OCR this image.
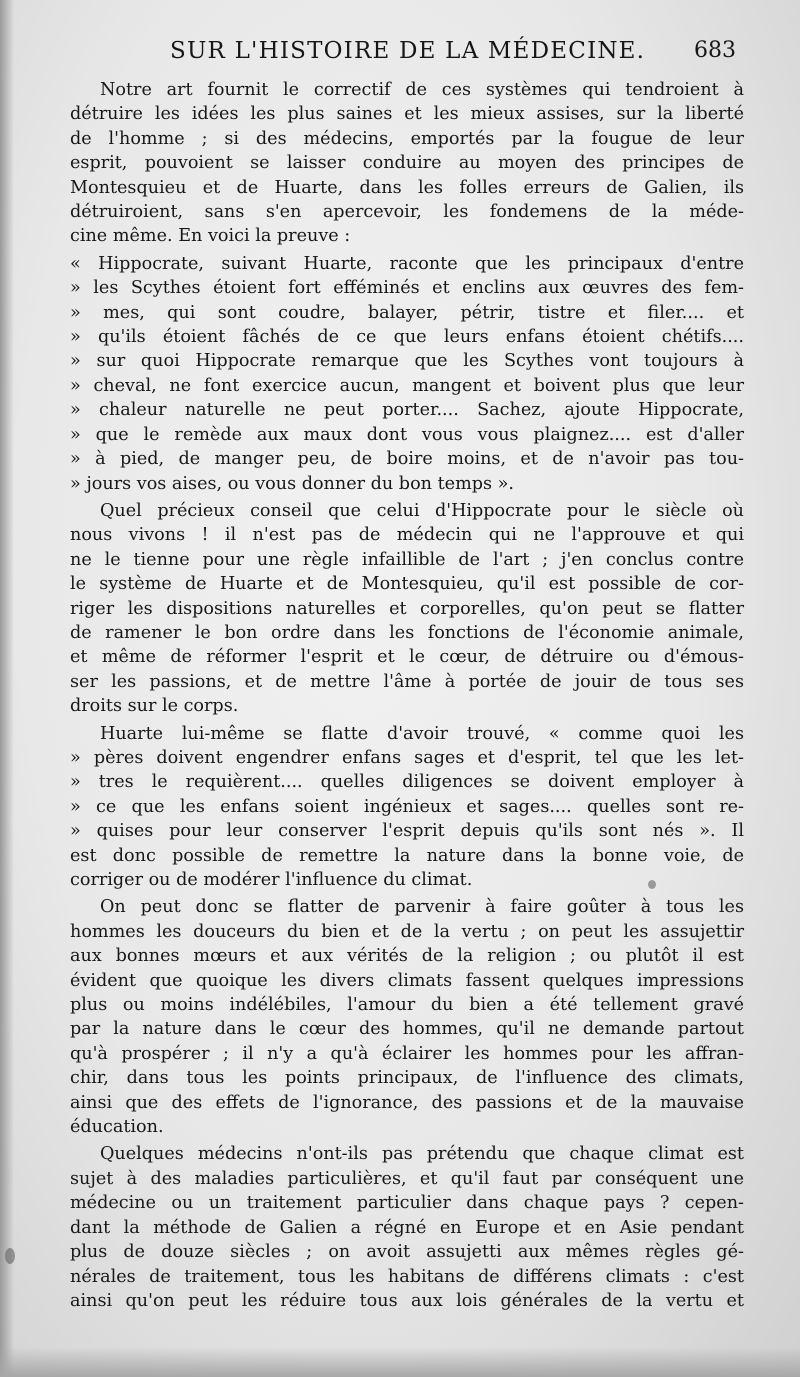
SUR L'HISTOIRE DE LA MÉDECINE. 683
Notre art fournit le correctif de ces systèmes qui tendroient à
détruire les idées les plus saines et les mieux assises, sur la liberté
de l'homme ; si des médecins, emportés par la fougue de leur
esprit, pouvoient se laisser conduire au moyen des principes de
Montesquieu et de Huarte, dans les folles erreurs de Galien, ils
détruiroient, sans s'en apercevoir, les fondemens de la méde-
cine même. En voici la preuve :
« Hippocrate, suivant Huarte, raconte que les principaux d'entre
» les Scythes étoient fort efféminés et enclins aux œuvres des fem-
» mes, qui sont coudre, balayer, pétrir, tistre et filer.... et
» qu'ils étoient fâchés de ce que leurs enfans étoient chétifs....
» sur quoi Hippocrate remarque que les Scythes vont toujours à
» cheval, ne font exercice aucun, mangent et boivent plus que leur
» chaleur naturelle ne peut porter.... Sachez, ajoute Hippocrate,
» que le remède aux maux dont vous vous plaignez.... est d'aller
» à pied, de manger peu, de boire moins, et de n'avoir pas tou-
» jours vos aises, ou vous donner du bon temps ».
Quel précieux conseil que celui d'Hippocrate pour le siècle où
nous vivons ! il n'est pas de médecin qui ne l'approuve et qui
ne le tienne pour une règle infaillible de l'art ; j'en conclus contre
le système de Huarte et de Montesquieu, qu'il est possible de cor-
riger les dispositions naturelles et corporelles, qu'on peut se flatter
de ramener le bon ordre dans les fonctions de l'économie animale,
et même de réformer l'esprit et le cœur, de détruire ou d'émous-
ser les passions, et de mettre l'âme à portée de jouir de tous ses
droits sur le corps.
Huarte lui-même se flatte d'avoir trouvé, « comme quoi les
» pères doivent engendrer enfans sages et d'esprit, tel que les let-
» tres le requièrent.... quelles diligences se doivent employer à
» ce que les enfans soient ingénieux et sages.... quelles sont re-
» quises pour leur conserver l'esprit depuis qu'ils sont nés ». Il
est donc possible de remettre la nature dans la bonne voie, de
corriger ou de modérer l'influence du climat.
On peut donc se flatter de parvenir à faire goûter à tous les
hommes les douceurs du bien et de la vertu ; on peut les assujettir
aux bonnes mœurs et aux vérités de la religion ; ou plutôt il est
évident que quoique les divers climats fassent quelques impressions
plus ou moins indélébiles, l'amour du bien a été tellement gravé
par la nature dans le cœur des hommes, qu'il ne demande partout
qu'à prospérer ; il n'y a qu'à éclairer les hommes pour les affran-
chir, dans tous les points principaux, de l'influence des climats,
ainsi que des effets de l'ignorance, des passions et de la mauvaise
éducation.
Quelques médecins n'ont-ils pas prétendu que chaque climat est
sujet à des maladies particulières, et qu'il faut par conséquent une
médecine ou un traitement particulier dans chaque pays ? cepen-
dant la méthode de Galien a régné en Europe et en Asie pendant
plus de douze siècles ; on avoit assujetti aux mêmes règles gé-
nérales de traitement, tous les habitans de différens climats : c'est
ainsi qu'on peut les réduire tous aux lois générales de la vertu et
